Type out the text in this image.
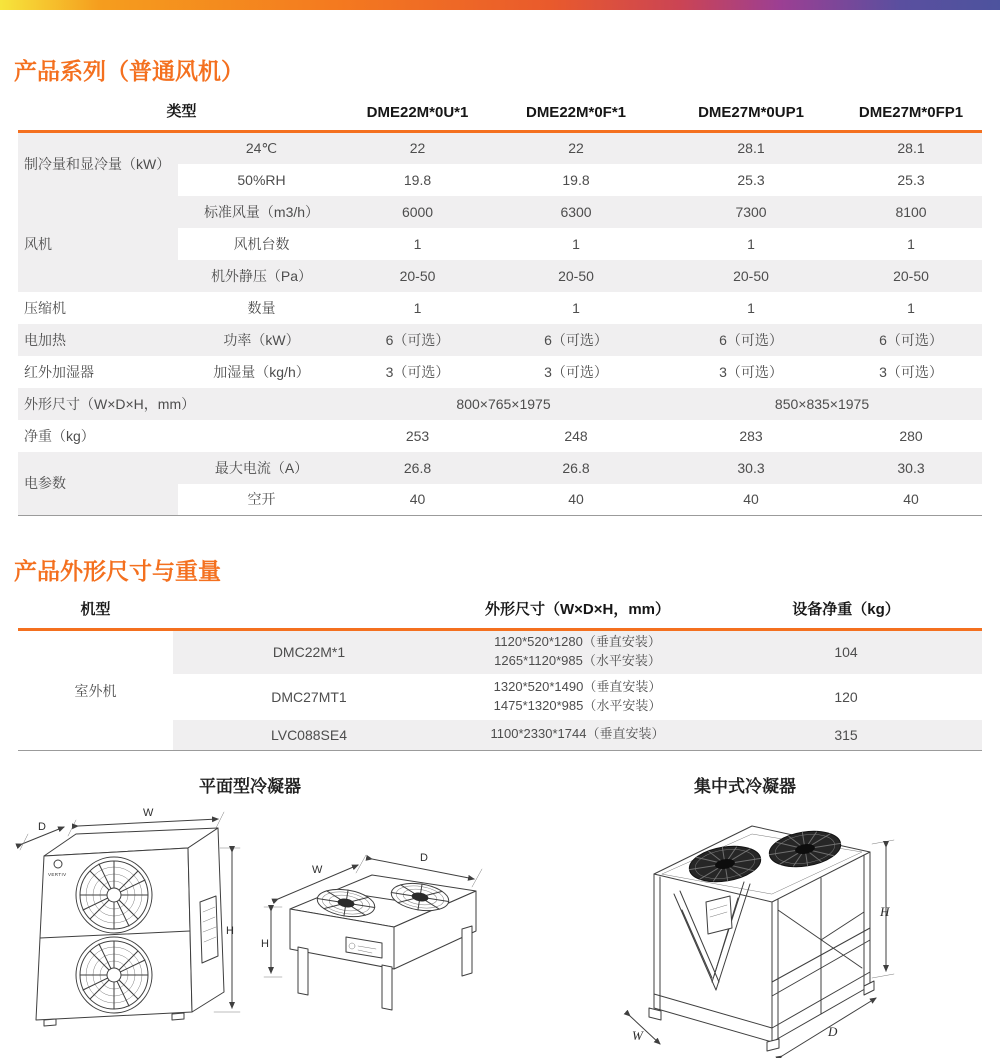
产品系列（普通风机）
类型		DME22M*0U*1	DME22M*0F*1	DME27M*0UP1	DME27M*0FP1
制冷量和显冷量（kW）	24℃	22	22	28.1	28.1
	50%RH	19.8	19.8	25.3	25.3
风机	标准风量（m3/h）	6000	6300	7300	8100
	风机台数	1	1	1	1
	机外静压（Pa）	20-50	20-50	20-50	20-50
压缩机	数量	1	1	1	1
电加热	功率（kW）	6（可选）	6（可选）	6（可选）	6（可选）
红外加湿器	加湿量（kg/h）	3（可选）	3（可选）	3（可选）	3（可选）
外形尺寸（W×D×H，mm）		800×765×1975		850×835×1975	
净重（kg）		253	248	283	280
电参数	最大电流（A）	26.8	26.8	30.3	30.3
	空开	40	40	40	40
产品外形尺寸与重量
机型		外形尺寸（W×D×H，mm）	设备净重（kg）
室外机	DMC22M*1	1120*520*1280（垂直安装）
1265*1120*985（水平安装）	104
	DMC27MT1	1320*520*1490（垂直安装）
1475*1320*985（水平安装）	120
	LVC088SE4	1100*2330*1744（垂直安装）	315
平面型冷凝器	集中式冷凝器
D
W
H
VERTIV	W
D
H
H
W	D
